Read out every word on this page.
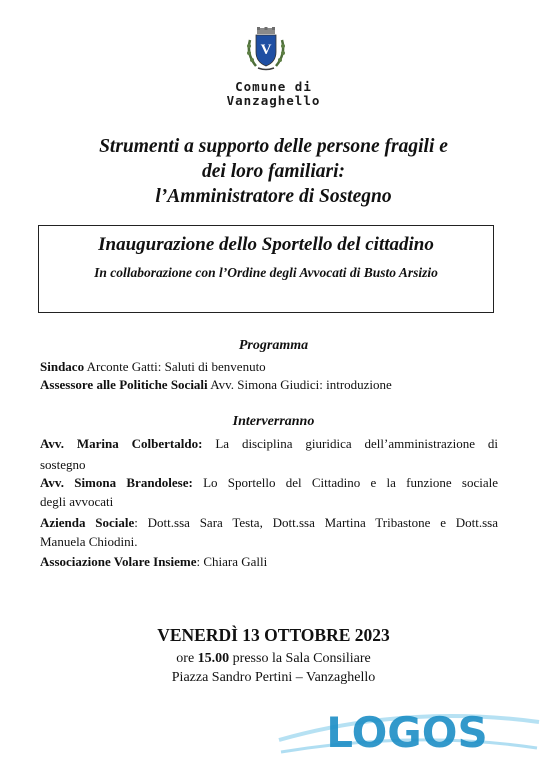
V
Comune di
Vanzaghello
Strumenti a supporto delle persone fragili e
dei loro familiari:
l’Amministratore di Sostegno
Inaugurazione dello Sportello del cittadino
In collaborazione con l’Ordine degli Avvocati di Busto Arsizio
Programma
Sindaco Arconte Gatti: Saluti di benvenuto
Assessore alle Politiche Sociali Avv. Simona Giudici: introduzione
Interverranno
Avv. Marina Colbertaldo: La disciplina giuridica dell’amministrazione di
sostegno
Avv. Simona Brandolese: Lo Sportello del Cittadino e la funzione sociale
degli avvocati
Azienda Sociale: Dott.ssa Sara Testa, Dott.ssa Martina Tribastone e Dott.ssa
Manuela Chiodini.
Associazione Volare Insieme: Chiara Galli
VENERDÌ 13 OTTOBRE 2023
ore 15.00 presso la Sala Consiliare
Piazza Sandro Pertini – Vanzaghello
LOGOS
